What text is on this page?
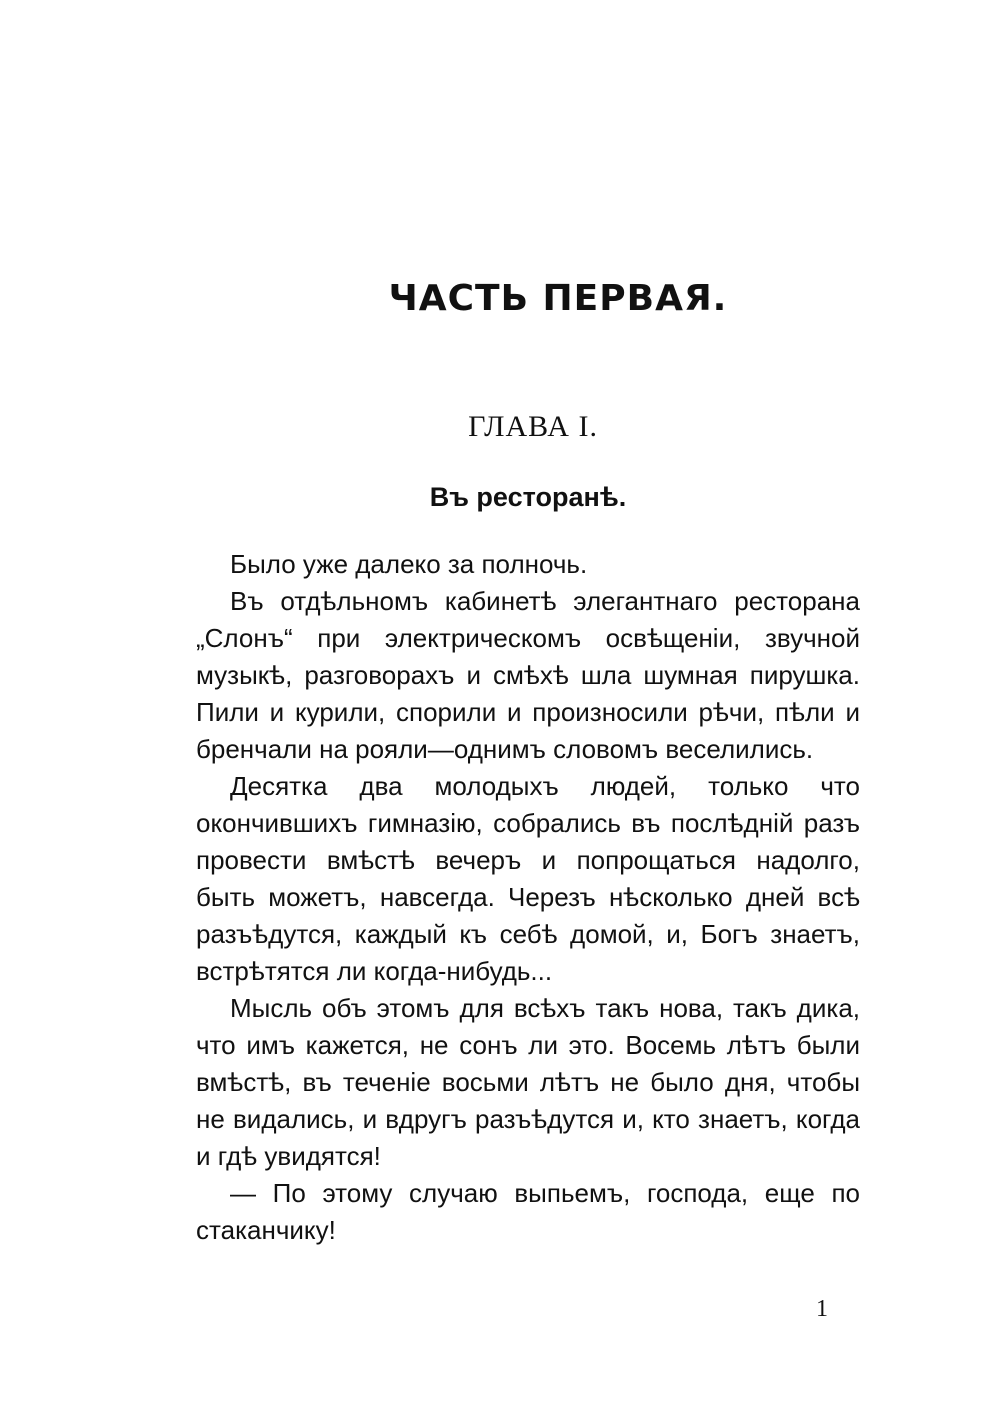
ЧАСТЬ ПЕРВАЯ.
ГЛАВА I.
Въ ресторанѣ.

Было уже далеко за полночь.

Въ отдѣльномъ кабинетѣ элегантнаго ресторана „Слонъ“ при электрическомъ освѣщеніи, звучной музыкѣ, разговорахъ и смѣхѣ шла шумная пирушка. Пили и курили, спорили и произносили рѣчи, пѣли и бренчали на рояли—однимъ словомъ веселились.

Десятка два молодыхъ людей, только что окончившихъ гимназію, собрались въ послѣдній разъ провести вмѣстѣ вечеръ и попрощаться надолго, быть можетъ, навсегда. Черезъ нѣсколько дней всѣ разъѣдутся, каждый къ себѣ домой, и, Богъ знаетъ, встрѣтятся ли когда-нибудь...

Мысль объ этомъ для всѣхъ такъ нова, такъ дика, что имъ кажется, не сонъ ли это. Восемь лѣтъ были вмѣстѣ, въ теченіе восьми лѣтъ не было дня, чтобы не видались, и вдругъ разъѣдутся и, кто знаетъ, когда и гдѣ увидятся!

— По этому случаю выпьемъ, господа, еще по стаканчику!

1
